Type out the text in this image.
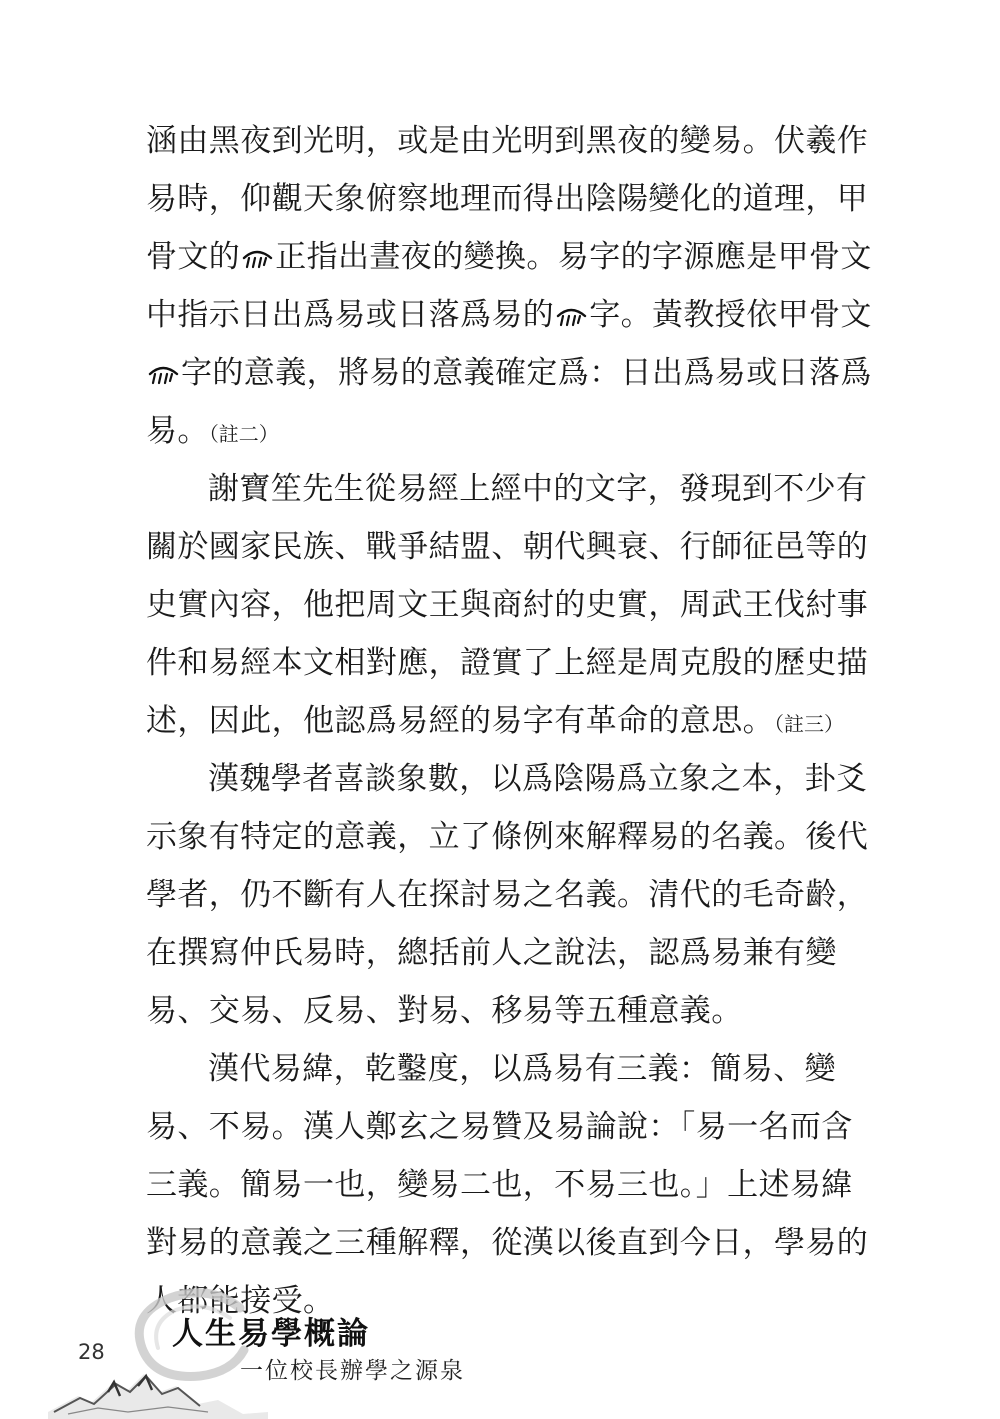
涵由黑夜到光明，或是由光明到黑夜的變易。伏羲作
易時，仰觀天象俯察地理而得出陰陽變化的道理，甲
骨文的 正指出晝夜的變換。易字的字源應是甲骨文
中指示日出爲易或日落爲易的 字。黃教授依甲骨文
字的意義，將易的意義確定爲：日出爲易或日落爲
易。（註二）
謝寶笙先生從易經上經中的文字，發現到不少有
關於國家民族、戰爭結盟、朝代興衰、行師征邑等的
史實內容，他把周文王與商紂的史實，周武王伐紂事
件和易經本文相對應，證實了上經是周克殷的歷史描
述，因此，他認爲易經的易字有革命的意思。（註三）
漢魏學者喜談象數，以爲陰陽爲立象之本，卦爻
示象有特定的意義，立了條例來解釋易的名義。後代
學者，仍不斷有人在探討易之名義。清代的毛奇齡，
在撰寫仲氏易時，總括前人之說法，認爲易兼有變
易、交易、反易、對易、移易等五種意義。
漢代易緯，乾鑿度，以爲易有三義：簡易、變
易、不易。漢人鄭玄之易贊及易論說：「易一名而含
三義。簡易一也，變易二也，不易三也。」上述易緯
對易的意義之三種解釋，從漢以後直到今日，學易的
人都能接受。
28 人生易學概論
一位校長辦學之源泉
